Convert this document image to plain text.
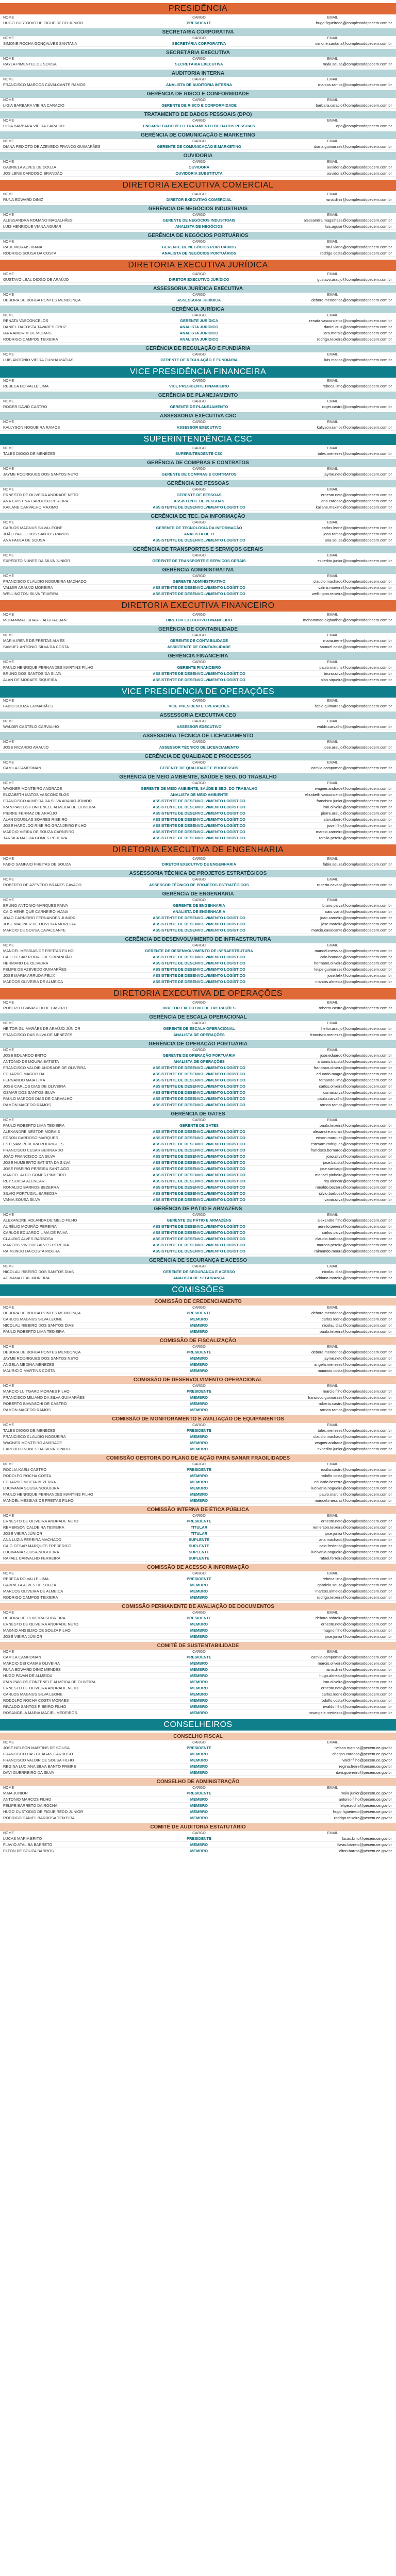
PRESIDÊNCIA
NOME	CARGO	EMAIL
HUGO CUSTODIO DE FIGUEIREDO JUNIOR	PRESIDENTE	hugo.figueiredo@complexodopecem.com.br
SECRETARIA CORPORATIVA
NOME	CARGO	EMAIL
SIMONE ROCHA GONÇALVES SANTANA	SECRETÁRIA CORPORATIVA	simone.santana@complexodopecem.com.br
SECRETÁRIA EXECUTIVA
NOME	CARGO	EMAIL
RAYLA PIMENTEL DE SOUSA	SECRETÁRIA EXECUTIVA	rayla.sousa@complexodopecem.com.br
AUDITORIA INTERNA
NOME	CARGO	EMAIL
FRANCISCO MARCOS CAVALCANTE RAMOS	ANALISTA DE AUDITORIA INTERNA	marcos.ramos@complexodopecem.com.br
GERÊNCIA DE RISCO E CONFORMIDADE
NOME	CARGO	EMAIL
LIGIA BARBARA VIEIRA CARACIO	GERENTE DE RISCO E CONFORMIDADE	barbara.caracio@complexodopecem.com.br
TRATAMENTO DE DADOS PESSOAIS (DPO)
NOME	CARGO	EMAIL
LIGIA BARBARA VIEIRA CARACIO	ENCARREGADO PELO TRATAMENTO DE DADOS PESSOAIS	dpo@complexodopecem.com.br
GERÊNCIA DE COMUNICAÇÃO E MARKETING
NOME	CARGO	EMAIL
DIANA PEIXOTO DE AZEVEDO FRANCO GUIMARÃES	GERENTE DE COMUNICAÇÃO E MARKETING	diana.guimaraes@complexodopecem.com.br
OUVIDORIA
NOME	CARGO	EMAIL
GABRIELA ALVES DE SOUZA	OUVIDORA	ouvidoria@complexodopecem.com.br
JOSILENE CARDOSO BRANDÃO	OUVIDORIA SUBSTITUTA	ouvidoria@complexodopecem.com.br
DIRETORIA EXECUTIVA COMERCIAL
NOME	CARGO	EMAIL
RUNA EDWARD DINIZ	DIRETOR EXECUTIVO COMERCIAL	runa.diniz@complexodopecem.com.br
GERÊNCIA DE NEGÓCIOS INDUSTRIAIS
NOME	CARGO	EMAIL
ALESSANDRA ROMANO MAGALHÃES	GERENTE DE NEGÓCIOS INDUSTRIAIS	alessandra.magalhaes@complexodopecem.com.br
LUIS HENRIQUE VIANA AGUIAR	ANALISTA DE NEGÓCIOS	luis.aguiar@complexodopecem.com.br
GERÊNCIA DE NEGÓCIOS PORTUÁRIOS
NOME	CARGO	EMAIL
RAUL MORAIS VIANA	GERENTE DE NEGÓCIOS PORTUÁRIOS	raul.viana@complexodopecem.com.br
RODRIGO SOUSA DA COSTA	ANALISTA DE NEGÓCIOS PORTUÁRIOS	rodrigo.costa@complexodopecem.com.br
DIRETORIA EXECUTIVA JURÍDICA
NOME	CARGO	EMAIL
GUSTAVO LEAL DIOGO DE ARAÚJO	DIRETOR EXECUTIVO JURÍDICO	gustavo.araujo@complexodopecem.com.br
ASSESSORIA JURÍDICA EXECUTIVA
NOME	CARGO	EMAIL
DEBORA DE BORBA PONTES MENDONÇA	ASSESSORA JURÍDICA	debora.mendonca@complexodopecem.com.br
GERÊNCIA JURÍDICA
NOME	CARGO	EMAIL
RENATA VASCONCELOS	GERENTE JURÍDICA	renata.vasconcelos@complexodopecem.com.br
DANIEL DACOSTA TAVARES CRUZ	ANALISTA JURÍDICO	daniel.cruz@complexodopecem.com.br
IARA AMORIM DE MORAIS	ANALISTA JURÍDICO	iara.morais@complexodopecem.com.br
RODRIGO CAMPOS TEIXEIRA	ANALISTA JURÍDICO	rodrigo.teixeira@complexodopecem.com.br
GERÊNCIA DE REGULAÇÃO E FUNDIÁRIA
NOME	CARGO	EMAIL
LUIS ANTONIO VIEIRA CUNHA MATIAS	GERENTE DE REGULAÇÃO E FUNDIÁRIA	luis.matias@complexodopecem.com.br
VICE PRESIDÊNCIA FINANCEIRA
NOME	CARGO	EMAIL
REBECA DO VALLE LIMA	VICE PRESIDENTE FINANCEIRO	rebeca.lima@complexodopecem.com.br
GERÊNCIA DE PLANEJAMENTO
NOME	CARGO	EMAIL
ROGER DAVID CASTRO	GERENTE DE PLANEJAMENTO	roger.castro@complexodopecem.com.br
ASSESSORIA EXECUTIVA CSC
NOME	CARGO	EMAIL
KALLYSON NOGUEIRA RAMOS	ASSESSOR EXECUTIVO	kallyson.ramos@complexodopecem.com.br
SUPERINTENDÊNCIA CSC
NOME	CARGO	EMAIL
TALES DIOGO DE MENEZES	SUPERINTENDENTE CSC	tales.menezes@complexodopecem.com.br
GERÊNCIA DE COMPRAS E CONTRATOS
NOME	CARGO	EMAIL
JAYME RODRIGUES DOS SANTOS NETO	GERENTE DE COMPRAS E CONTRATOS	jayme.neto@complexodopecem.com.br
GERÊNCIA DE PESSOAS
NOME	CARGO	EMAIL
ERNESTO DE OLIVEIRA ANDRADE NETO	GERENTE DE PESSOAS	ernesto.neto@complexodopecem.com.br
ANA CRISTINA CARDOSO PEREIRA	ASSISTENTE DE PESSOAS	ana.cardoso@complexodopecem.com.br
KAILANE CARVALHO MAXIMO	ASSISTENTE DE DESENVOLVIMENTO LOGÍSTICO	kailane.maximo@complexodopecem.com.br
GERÊNCIA DE TEC. DA INFORMAÇÃO
NOME	CARGO	EMAIL
CARLOS MAGNUS SILVA LEONE	GERENTE DE TECNOLOGIA DA INFORMAÇÃO	carlos.leone@complexodopecem.com.br
JOÃO PAULO DOS SANTOS RAMOS	ANALISTA DE TI	joao.ramos@complexodopecem.com.br
ANA PAULA DE SOUSA	ASSISTENTE DE DESENVOLVIMENTO LOGÍSTICO	ana.sousa@complexodopecem.com.br
GERÊNCIA DE TRANSPORTES E SERVIÇOS GERAIS
NOME	CARGO	EMAIL
EXPEDITO NUNES DA SILVA JÚNIOR	GERENTE DE TRANSPORTE E SERVIÇOS GERAIS	expedito.junior@complexodopecem.com.br
GERÊNCIA ADMINISTRATIVA
NOME	CARGO	EMAIL
FRANCISCO CLAUDIO NOGUEIRA MACHADO	GERENTE ADMINISTRATIVO	claudio.machado@complexodopecem.com.br
VALMIR ARAUJO MOREIRA	ASSISTENTE DE DESENVOLVIMENTO LOGÍSTICO	valmir.moreira@complexodopecem.com.br
WELLINGTON SILVA TEIXEIRA	ASSISTENTE DE DESENVOLVIMENTO LOGÍSTICO	wellington.teixeira@complexodopecem.com.br
DIRETORIA EXECUTIVA FINANCEIRO
NOME	CARGO	EMAIL
MOHAMMAD SHARIF ALGHADBAN	DIRETOR EXECUTIVO FINANCEIRO	mohammad.alghadban@complexodopecem.com.br
GERÊNCIA DE CONTABILIDADE
NOME	CARGO	EMAIL
MARIA IRENE DE FREITAS ALVES	GERENTE DE CONTABILIDADE	maria.irene@complexodopecem.com.br
SAMUEL ANTONIO SILVA DA COSTA	ASSISTENTE DE CONTABILIDADE	samuel.costa@complexodopecem.com.br
GERÊNCIA FINANCEIRA
NOME	CARGO	EMAIL
PAULO HENRIQUE FERNANDES MARTINS FILHO	GERENTE FINANCEIRO	paulo.martins@complexodopecem.com.br
BRUNO DOS SANTOS DA SILVA	ASSISTENTE DE DESENVOLVIMENTO LOGÍSTICO	bruno.silva@complexodopecem.com.br
ALAN DE MORAES SIQUEIRA	ASSISTENTE DE DESENVOLVIMENTO LOGÍSTICO	alan.siqueira@complexodopecem.com.br
VICE PRESIDÊNCIA DE OPERAÇÕES
NOME	CARGO	EMAIL
FABIO SOUZA GUIMARÃES	VICE PRESIDENTE OPERAÇÕES	fabio.guimaraes@complexodopecem.com.br
ASSESSORIA EXECUTIVA CEO
NOME	CARGO	EMAIL
WALDIR CASTELO CARVALHO	ASSESSOR EXECUTIVO	waldir.carvalho@complexodopecem.com.br
ASSESSORIA TÉCNICA DE LICENCIAMENTO
NOME	CARGO	EMAIL
JOSE RICARDO ARAUJO	ASSESSOR TÉCNICO DE LICENCIAMENTO	jose.araujo@complexodopecem.com.br
GERÊNCIA DE QUALIDADE E PROCESSOS
NOME	CARGO	EMAIL
CAMILA CAMPOMAN	GERENTE DE QUALIDADE E PROCESSOS	camila.campoman@complexodopecem.com.br
GERÊNCIA DE MEIO AMBIENTE, SAÚDE E SEG. DO TRABALHO
NOME	CARGO	EMAIL
WAGNER MONTEIRO ANDRADE	GERENTE DE MEIO AMBIENTE, SAÚDE E SEG. DO TRABALHO	wagner.andrade@complexodopecem.com.br
ELIZABETH MATOS VASCONCELOS	ANALISTA DE MEIO AMBIENTE	elizabeth.vasconcelos@complexodopecem.com.br
FRANCISCO ALMEIDA DA SILVA ABAIXO JÚNIOR	ASSISTENTE DE DESENVOLVIMENTO LOGÍSTICO	francisco.junior@complexodopecem.com.br
IRAN PAVLOS FONTENELE ALMEIDA DE OLIVEIRA	ASSISTENTE DE DESENVOLVIMENTO LOGÍSTICO	iran.oliveira@complexodopecem.com.br
PIERRE FERRAZ DE ARAÚJO	ASSISTENTE DE DESENVOLVIMENTO LOGÍSTICO	pierre.araujo@complexodopecem.com.br
ALAN DOUGLAS SOARES RIBEIRO	ASSISTENTE DE DESENVOLVIMENTO LOGÍSTICO	alan.ribeiro@complexodopecem.com.br
JOSE HAROLDO RIBEIRO GRANJEIRO FILHO	ASSISTENTE DE DESENVOLVIMENTO LOGÍSTICO	jose.filho@complexodopecem.com.br
MARCIO VIEIRA DE SOUZA CARNEIRO	ASSISTENTE DE DESENVOLVIMENTO LOGÍSTICO	marcio.carneiro@complexodopecem.com.br
TARSILA MAGDA GOMES PEREIRA	ASSISTENTE DE DESENVOLVIMENTO LOGÍSTICO	tarsila.pereira@complexodopecem.com.br
DIRETORIA EXECUTIVA DE ENGENHARIA
NOME	CARGO	EMAIL
FABIO SAMPAIO FREITAS DE SOUZA	DIRETOR EXECUTIVO DE ENGENHARIA	fabio.souza@complexodopecem.com.br
ASSESSORIA TÉCNICA DE PROJETOS ESTRATÉGICOS
NOME	CARGO	EMAIL
ROBERTO DE AZEVEDO BRANTS CAVACO	ASSESSOR TÉCNICO DE PROJETOS ESTRATÉGICOS	roberto.cavaco@complexodopecem.com.br
GERÊNCIA DE ENGENHARIA
NOME	CARGO	EMAIL
BRUNO ANTONIO MARQUES PAIVA	GERENTE DE ENGENHARIA	bruno.paiva@complexodopecem.com.br
CAIO HENRIQUE CARNEIRO VIANA	ANALISTA DE ENGENHARIA	caio.viana@complexodopecem.com.br
JOAO CARNEIRO FERNANDES JUNIOR	ASSISTENTE DE DESENVOLVIMENTO LOGÍSTICO	joao.carneiro@complexodopecem.com.br
JOSE WAGNER DE OLIVEIRA MOREIRA	ASSISTENTE DE DESENVOLVIMENTO LOGÍSTICO	jose.moreira@complexodopecem.com.br
MARCIO DE SOUSA CAVALCANTE	ASSISTENTE DE DESENVOLVIMENTO LOGÍSTICO	marcio.cavalcante@complexodopecem.com.br
GERÊNCIA DE DESENVOLVIMENTO DE INFRAESTRUTURA
NOME	CARGO	EMAIL
MANOEL MESSIAS DE FREITAS FILHO	GERENTE DE DESENVOLVIMENTO DE INFRAESTRUTURA	manoel.messias@complexodopecem.com.br
CAIO CESAR RODRIGUES BRANDÃO	ASSISTENTE DE DESENVOLVIMENTO LOGÍSTICO	caio.brandao@complexodopecem.com.br
HERMANO DE OLIVEIRA	ASSISTENTE DE DESENVOLVIMENTO LOGÍSTICO	hermano.oliveira@complexodopecem.com.br
FELIPE DE AZEVEDO GUIMARÃES	ASSISTENTE DE DESENVOLVIMENTO LOGÍSTICO	felipe.guimaraes@complexodopecem.com.br
JOSE MARIA ARRUDA FELIX	ASSISTENTE DE DESENVOLVIMENTO LOGÍSTICO	jose.felix@complexodopecem.com.br
MARCOS OLIVEIRA DE ALMEIDA	ASSISTENTE DE DESENVOLVIMENTO LOGÍSTICO	marcos.almeida@complexodopecem.com.br
DIRETORIA EXECUTIVA DE OPERAÇÕES
NOME	CARGO	EMAIL
ROBERTO BIAVASCHI DE CASTRO	DIRETOR EXECUTIVO DE OPERAÇÕES	roberto.castro@complexodopecem.com.br
GERÊNCIA DE ESCALA OPERACIONAL
NOME	CARGO	EMAIL
HEITOR GUIMARÃES DE ARAÚJO JÚNIOR	GERENTE DE ESCALA OPERACIONAL	heitor.araujo@complexodopecem.com.br
FRANCISCO DAS SILVA DE MENEZES	ANALISTA DE OPERAÇÕES	francisco.menezes@complexodopecem.com.br
GERÊNCIA DE OPERAÇÃO PORTUÁRIA
NOME	CARGO	EMAIL
JOSE EDUARDO BRITO	GERENTE DE OPERAÇÃO PORTUÁRIA	jose.eduardo@complexodopecem.com.br
ANTONIO DE MOURA BATISTA	ANALISTA DE OPERAÇÕES	antonio.batista@complexodopecem.com.br
FRANCISCO VALDIR ANDRADE DE OLIVEIRA	ASSISTENTE DE DESENVOLVIMENTO LOGÍSTICO	francisco.oliveira@complexodopecem.com.br
EDUARDO MAGRO DA	ASSISTENTE DE DESENVOLVIMENTO LOGÍSTICO	eduardo.magro@complexodopecem.com.br
FERNANDO MAIA LIMA	ASSISTENTE DE DESENVOLVIMENTO LOGÍSTICO	fernando.lima@complexodopecem.com.br
JOSÉ CARLOS DIAS DE OLIVEIRA	ASSISTENTE DE DESENVOLVIMENTO LOGÍSTICO	carlos.oliveira@complexodopecem.com.br
OSMAR DOS SANTOS SILVA	ASSISTENTE DE DESENVOLVIMENTO LOGÍSTICO	osmar.silva@complexodopecem.com.br
PAULO MARCOS DIAS DE CARVALHO	ASSISTENTE DE DESENVOLVIMENTO LOGÍSTICO	paulo.carvalho@complexodopecem.com.br
RAMON MACEDO RAMOS	ASSISTENTE DE DESENVOLVIMENTO LOGÍSTICO	ramon.ramos@complexodopecem.com.br
GERÊNCIA DE GATES
NOME	CARGO	EMAIL
PAULO ROBERTO LIMA TEIXEIRA	GERENTE DE GATES	paulo.teixeira@complexodopecem.com.br
ALEXANDRE NESTOR MORAIS	ASSISTENTE DE DESENVOLVIMENTO LOGÍSTICO	alexandre.morais@complexodopecem.com.br
EDSON CARDOSO MARQUES	ASSISTENTE DE DESENVOLVIMENTO LOGÍSTICO	edson.marques@complexodopecem.com.br
ESTEVAM PEREIRA RODRIGUES	ASSISTENTE DE DESENVOLVIMENTO LOGÍSTICO	estevam.rodrigues@complexodopecem.com.br
FRANCISCO CESAR BERNARDO	ASSISTENTE DE DESENVOLVIMENTO LOGÍSTICO	francisco.bernardo@complexodopecem.com.br
JOÃO FRANCISCO DA SILVA	ASSISTENTE DE DESENVOLVIMENTO LOGÍSTICO	joao.silva@complexodopecem.com.br
JOSE HUMBERTO BATISTA DA SILVA	ASSISTENTE DE DESENVOLVIMENTO LOGÍSTICO	jose.batista@complexodopecem.com.br
JOSE RIBEIRO PEREIRA SANTIAGO	ASSISTENTE DE DESENVOLVIMENTO LOGÍSTICO	jose.santiago@complexodopecem.com.br
MANOEL ALDO GOMES PINHEIRO	ASSISTENTE DE DESENVOLVIMENTO LOGÍSTICO	manoel.pinheiro@complexodopecem.com.br
REY SOUSA ALENCAR	ASSISTENTE DE DESENVOLVIMENTO LOGÍSTICO	rey.alencar@complexodopecem.com.br
RONALDO BARROS BEZERRA	ASSISTENTE DE DESENVOLVIMENTO LOGÍSTICO	ronaldo.bezerra@complexodopecem.com.br
SILVIO PORTUGAL BARBOSA	ASSISTENTE DE DESENVOLVIMENTO LOGÍSTICO	silvio.barbosa@complexodopecem.com.br
VANIA SOUSA SILVA	ASSISTENTE DE DESENVOLVIMENTO LOGÍSTICO	vania.silva@complexodopecem.com.br
GERÊNCIA DE PÁTIO E ARMAZÉNS
NOME	CARGO	EMAIL
ALEXANDRE HOLANDA DE MELO FILHO	GERENTE DE PÁTIO E ARMAZÉNS	alexandre.filho@complexodopecem.com.br
AURÉLIO MOURÃO PEREIRA	ASSISTENTE DE DESENVOLVIMENTO LOGÍSTICO	aurelio.pereira@complexodopecem.com.br
CARLOS EDUARDO LIMA DE PAIVA	ASSISTENTE DE DESENVOLVIMENTO LOGÍSTICO	carlos.paiva@complexodopecem.com.br
CLAUDIO ALVES BARBOSA	ASSISTENTE DE DESENVOLVIMENTO LOGÍSTICO	claudio.barbosa@complexodopecem.com.br
MARCOS VINICIUS ALVES PEREIRA	ASSISTENTE DE DESENVOLVIMENTO LOGÍSTICO	marcos.pereira@complexodopecem.com.br
RAIMUNDO DA COSTA MOURA	ASSISTENTE DE DESENVOLVIMENTO LOGÍSTICO	raimundo.moura@complexodopecem.com.br
GERÊNCIA DE SEGURANÇA E ACESSO
NOME	CARGO	EMAIL
NICOLAU RIBEIRO DOS SANTOS DIAS	GERENTE DE SEGURANÇA E ACESSO	nicolau.dias@complexodopecem.com.br
ADRIANA LEAL MOREIRA	ANALISTA DE SEGURANÇA	adriana.moreira@complexodopecem.com.br
COMISSÕES
COMISSÃO DE CREDENCIAMENTO
NOME	CARGO	EMAIL
DEBORA DE BORBA PONTES MENDONÇA	PRESIDENTE	debora.mendonca@complexodopecem.com.br
CARLOS MAGNUS SILVA LEONE	MEMBRO	carlos.leone@complexodopecem.com.br
NICOLAU RIBEIRO DOS SANTOS DIAS	MEMBRO	nicolau.dias@complexodopecem.com.br
PAULO ROBERTO LIMA TEIXEIRA	MEMBRO	paulo.teixeira@complexodopecem.com.br
COMISSÃO DE FISCALIZAÇÃO
NOME	CARGO	EMAIL
DEBORA DE BORBA PONTES MENDONÇA	PRESIDENTE	debora.mendonca@complexodopecem.com.br
JAYME RODRIGUES DOS SANTOS NETO	MEMBRO	jayme.neto@complexodopecem.com.br
ANGELA MEDINA MENEZES	MEMBRO	angela.menezes@complexodopecem.com.br
MAURICIO MARTINS COSTA	MEMBRO	mauricio.costa@complexodopecem.com.br
COMISSÃO DE DESENVOLVIMENTO OPERACIONAL
NOME	CARGO	EMAIL
MARCIO LUITGARD MORAES FILHO	PRESIDENTE	marcio.filho@complexodopecem.com.br
FRANCISCO MILIANO DA SILVA GUIMARÃES	MEMBRO	francisco.guimaraes@complexodopecem.com.br
ROBERTO BIAVASCHI DE CASTRO	MEMBRO	roberto.castro@complexodopecem.com.br
RAMON MACEDO RAMOS	MEMBRO	ramon.ramos@complexodopecem.com.br
COMISSÃO DE MONITORAMENTO E AVALIAÇÃO DE EQUIPAMENTOS
NOME	CARGO	EMAIL
TALES DIOGO DE MENEZES	PRESIDENTE	tales.menezes@complexodopecem.com.br
FRANCISCO CLAUDIO NOGUEIRA	MEMBRO	claudio.machado@complexodopecem.com.br
WAGNER MONTEIRO ANDRADE	MEMBRO	wagner.andrade@complexodopecem.com.br
EXPEDITO NUNES DA SILVA JÚNIOR	MEMBRO	expedito.junior@complexodopecem.com.br
COMISSÃO GESTORA DO PLANO DE AÇÃO PARA SANAR FRAGILIDADES
NOME	CARGO	EMAIL
ROCLIA KAELI CASTRO	PRESIDENTE	rocilia.castro@complexodopecem.com.br
RODOLFO ROCHA COSTA	MEMBRO	rodolfo.costa@complexodopecem.com.br
EDUARDO MOTTA BEZERRA	MEMBRO	eduardo.bezerra@complexodopecem.com.br
LUCIVANIA SOUSA NOGUEIRA	MEMBRO	lucivania.nogueira@complexodopecem.com.br
PAULO HENRIQUE FERNANDES MARTINS FILHO	MEMBRO	paulo.martins@complexodopecem.com.br
MANOEL MESSIAS DE FREITAS FILHO	MEMBRO	manoel.messias@complexodopecem.com.br
COMISSÃO INTERNA DE ÉTICA PÚBLICA
NOME	CARGO	EMAIL
ERNESTO DE OLIVEIRA ANDRADE NETO	PRESIDENTE	ernesto.neto@complexodopecem.com.br
REMERSON CALDEIRA TEIXEIRA	TITULAR	remerson.teixeira@complexodopecem.com.br
JOSÉ VIEIRA JÚNIOR	TITULAR	jose.junior@complexodopecem.com.br
ANA LUZIA PEREIRA MACHADO	SUPLENTE	ana.machado@complexodopecem.com.br
CAIO CESAR MARQUES FREDERICO	SUPLENTE	caio.frederico@complexodopecem.com.br
LUCIVANIA SOUSA NOGUEIRA	SUPLENTE	lucivania.nogueira@complexodopecem.com.br
RAFAEL CARVALHO FERREIRA	SUPLENTE	rafael.ferreira@complexodopecem.com.br
COMISSÃO DE ACESSO À INFORMAÇÃO
NOME	CARGO	EMAIL
REBECA DO VALLE LIMA	PRESIDENTE	rebeca.lima@complexodopecem.com.br
GABRIELA ALVES DE SOUZA	MEMBRO	gabriela.souza@complexodopecem.com.br
MARCOS OLIVEIRA DE ALMEIDA	MEMBRO	marcos.almeida@complexodopecem.com.br
RODRIGO CAMPOS TEIXEIRA	MEMBRO	rodrigo.teixeira@complexodopecem.com.br
COMISSÃO PERMANENTE DE AVALIAÇÃO DE DOCUMENTOS
NOME	CARGO	EMAIL
DEBORA DE OLIVEIRA SOBREIRA	PRESIDENTE	debora.sobreira@complexodopecem.com.br
ERNESTO DE OLIVEIRA ANDRADE NETO	MEMBRO	ernesto.neto@complexodopecem.com.br
MAGNO ANSELMO DE SOUZA FILHO	MEMBRO	magno.filho@complexodopecem.com.br
JOSÉ VIEIRA JÚNIOR	MEMBRO	jose.junior@complexodopecem.com.br
COMITÊ DE SUSTENTABILIDADE
NOME	CARGO	EMAIL
CAMILA CAMPOMAN	PRESIDENTE	camila.campoman@complexodopecem.com.br
MARCIO DEI CAMAS OLIVEIRA	MEMBRO	marcio.oliveira@complexodopecem.com.br
RUNA EDWARD DINIZ MENDES	MEMBRO	runa.diniz@complexodopecem.com.br
HUGO PAVAN DE ALMEIDA	MEMBRO	hugo.almeida@complexodopecem.com.br
IRAN PAVLOS FONTENELE ALMEIDA DE OLIVEIRA	MEMBRO	iran.oliveira@complexodopecem.com.br
ERNESTO DE OLIVEIRA ANDRADE NETO	MEMBRO	ernesto.neto@complexodopecem.com.br
CARLOS MAGNUS SILVA LEONE	MEMBRO	carlos.leone@complexodopecem.com.br
RODOLFO ROCHA COSTA MORAES	MEMBRO	rodolfo.costa@complexodopecem.com.br
RIVALDO SANTOS RIBEIRO FILHO	MEMBRO	rivaldo.filho@complexodopecem.com.br
ROSANGELA MARIA MACIEL MEDEIROS	MEMBRO	rosangela.medeiros@complexodopecem.com.br
CONSELHEIROS
CONSELHO FISCAL
NOME	CARGO	EMAIL
JOSE NELSON MARTINS DE SOUSA	PRESIDENTE	nelson.martins@pecem.ce.gov.br
FRANCISCO DAS CHAGAS CARDOSO	MEMBRO	chagas.cardoso@pecem.ce.gov.br
FRANCISCO VALDIR DE SOUSA FILHO	MEMBRO	valdir.filho@pecem.ce.gov.br
REGINA LUCIANA SILVA BANTO FREIRE	MEMBRO	regina.freire@pecem.ce.gov.br
DAVI GUERREIRO DA SILVA	MEMBRO	davi.guerreiro@pecem.ce.gov.br
CONSELHO DE ADMINISTRAÇÃO
NOME	CARGO	EMAIL
MAIA JUNIOR	PRESIDENTE	maia.junior@pecem.ce.gov.br
ANTONIO MARCOS FILHO	MEMBRO	antonio.filho@pecem.ce.gov.br
FELIPE BARRETO DA ROCHA	MEMBRO	felipe.rocha@pecem.ce.gov.br
HUGO CUSTODIO DE FIGUEIREDO JUNIOR	MEMBRO	hugo.figueiredo@pecem.ce.gov.br
RODRIGO DANIEL BARBOSA TEIXEIRA	MEMBRO	rodrigo.teixeira@pecem.ce.gov.br
COMITÊ DE AUDITORIA ESTATUTÁRIO
NOME	CARGO	EMAIL
LUCAS MARIA BRITO	PRESIDENTE	lucas.brito@pecem.ce.gov.br
FLAVIO ATALIBA BARRETO	MEMBRO	flavio.barreto@pecem.ce.gov.br
ELTON DE SOUZA BARROS	MEMBRO	elton.barros@pecem.ce.gov.br
